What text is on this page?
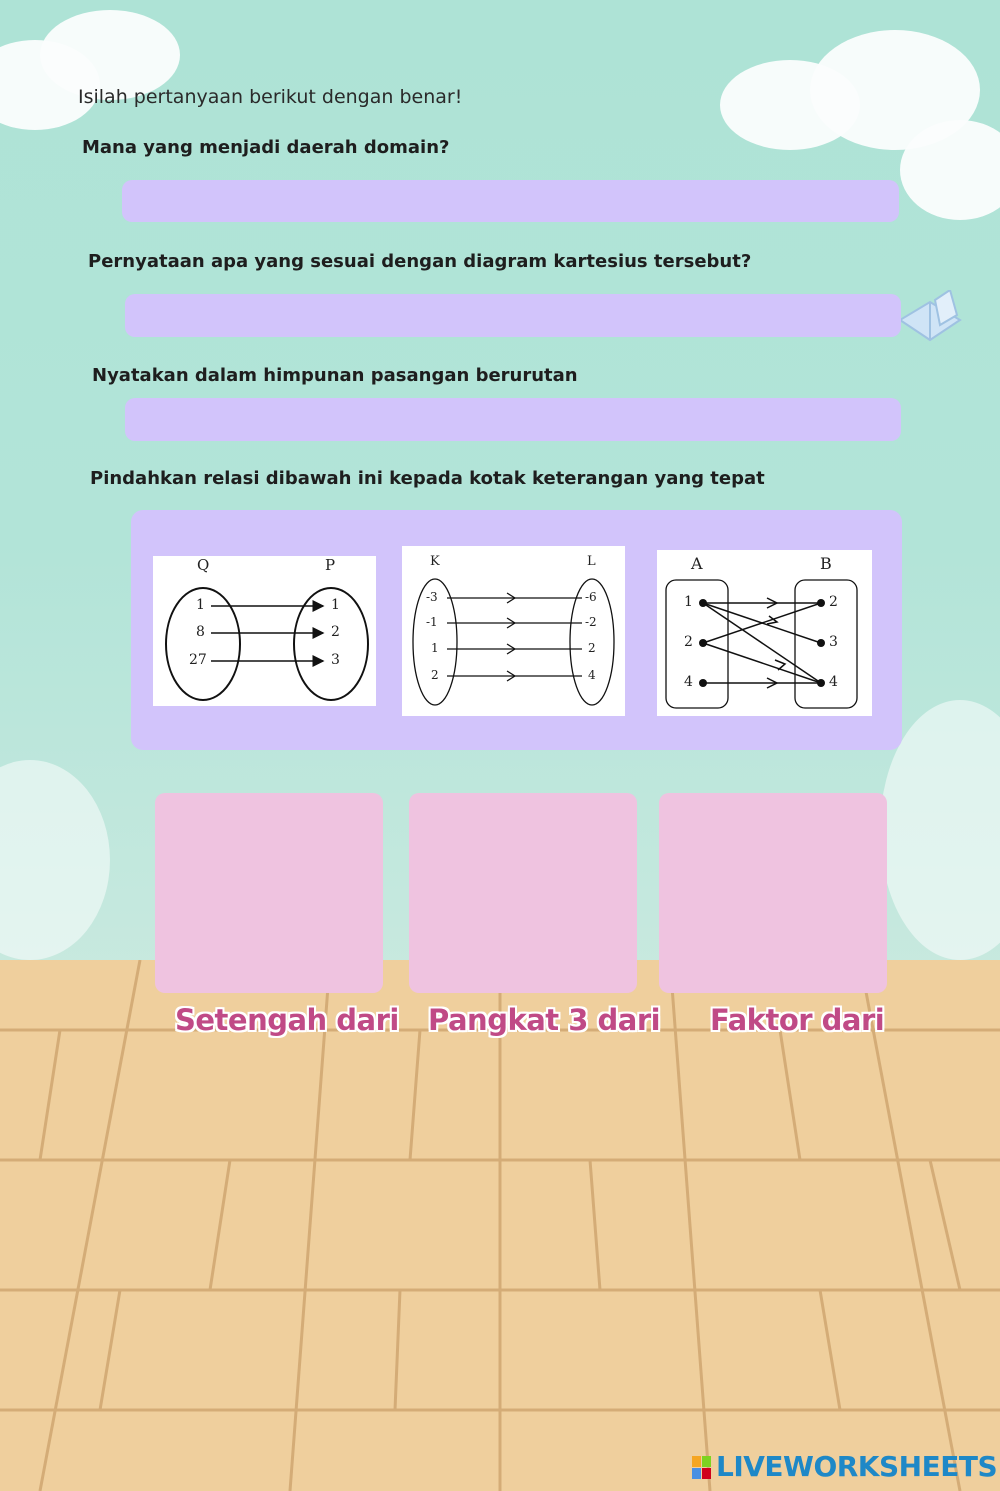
Isilah pertanyaan berikut dengan benar!
Mana yang menjadi daerah domain?
Pernyataan apa yang sesuai dengan diagram kartesius tersebut?
Nyatakan dalam himpunan pasangan berurutan
Pindahkan relasi dibawah ini kepada kotak keterangan yang tepat
Q	P
1
8
27
1
2
3
K	L
-3
-1
1
2
-6
-2
2
4
A	B
1
2
4
2
3
4
Setengah dari Pangkat 3 dari Faktor dari
LIVEWORKSHEETS
